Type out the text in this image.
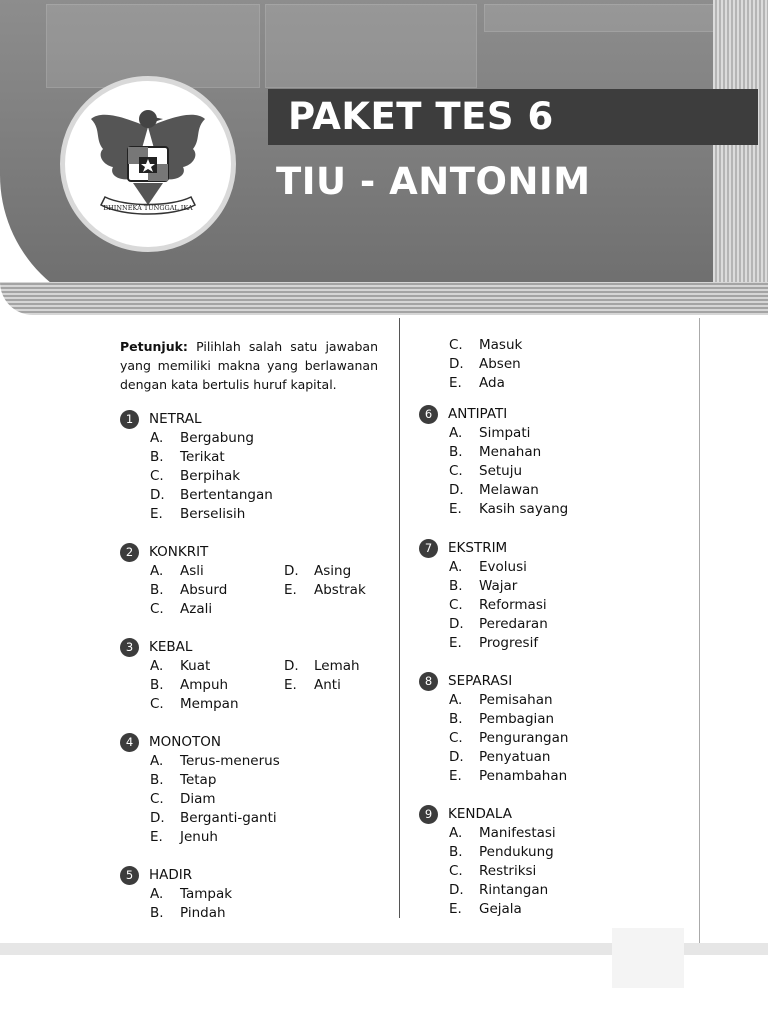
PAKET TES 6
TIU - ANTONIM
BHINNEKA TUNGGAL IKA

Petunjuk: Pilihlah salah satu jawaban yang memiliki makna yang berlawanan dengan kata bertulis huruf kapital.

1	NETRAL
A.	Bergabung
B.	Terikat
C.	Berpihak
D.	Bertentangan
E.	Berselisih
2	KONKRIT
A.	Asli	D.	Asing
B.	Absurd	E.	Abstrak
C.	Azali
3	KEBAL
A.	Kuat	D.	Lemah
B.	Ampuh	E.	Anti
C.	Mempan
4	MONOTON
A.	Terus-menerus
B.	Tetap
C.	Diam
D.	Berganti-ganti
E.	Jenuh
5	HADIR
A.	Tampak
B.	Pindah
C.	Masuk
D.	Absen
E.	Ada
6	ANTIPATI
A.	Simpati
B.	Menahan
C.	Setuju
D.	Melawan
E.	Kasih sayang
7	EKSTRIM
A.	Evolusi
B.	Wajar
C.	Reformasi
D.	Peredaran
E.	Progresif
8	SEPARASI
A.	Pemisahan
B.	Pembagian
C.	Pengurangan
D.	Penyatuan
E.	Penambahan
9	KENDALA
A.	Manifestasi
B.	Pendukung
C.	Restriksi
D.	Rintangan
E.	Gejala
